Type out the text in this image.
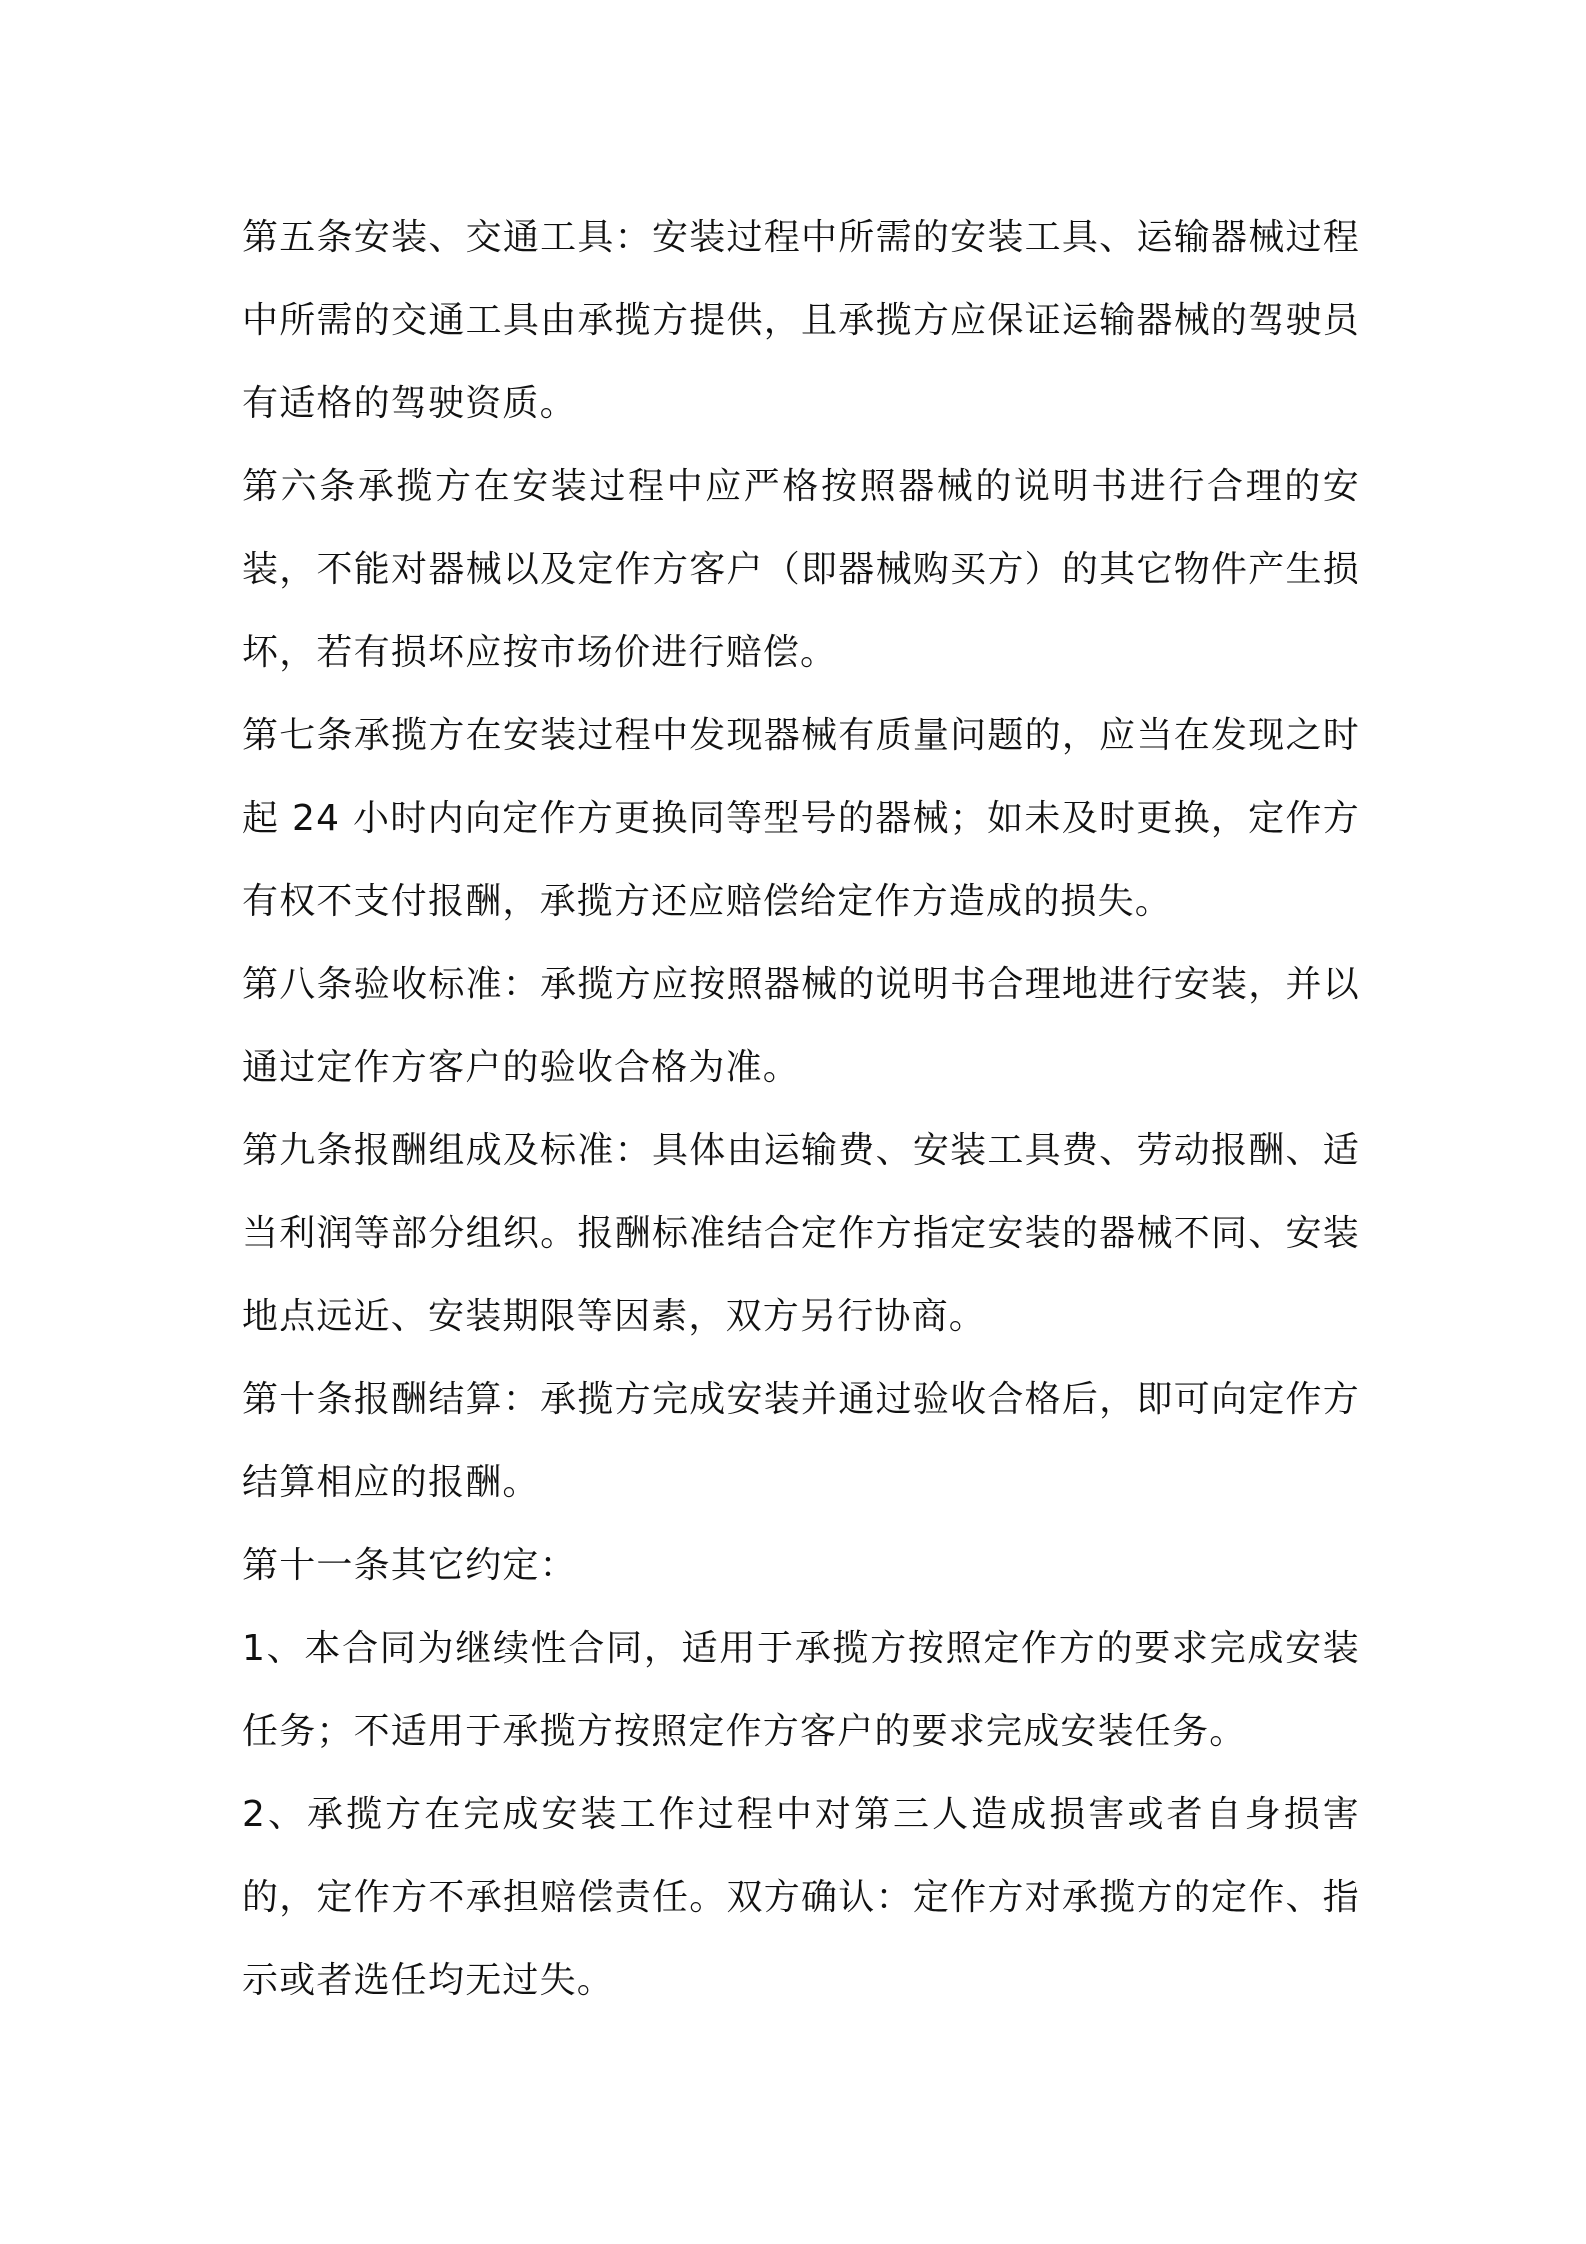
第五条安装、交通工具：安装过程中所需的安装工具、运输器械过程中所需的交通工具由承揽方提供，且承揽方应保证运输器械的驾驶员有适格的驾驶资质。

第六条承揽方在安装过程中应严格按照器械的说明书进行合理的安装，不能对器械以及定作方客户（即器械购买方）的其它物件产生损坏，若有损坏应按市场价进行赔偿。

第七条承揽方在安装过程中发现器械有质量问题的，应当在发现之时起 24 小时内向定作方更换同等型号的器械；如未及时更换，定作方有权不支付报酬，承揽方还应赔偿给定作方造成的损失。

第八条验收标准：承揽方应按照器械的说明书合理地进行安装，并以通过定作方客户的验收合格为准。

第九条报酬组成及标准：具体由运输费、安装工具费、劳动报酬、适当利润等部分组织。报酬标准结合定作方指定安装的器械不同、安装地点远近、安装期限等因素，双方另行协商。

第十条报酬结算：承揽方完成安装并通过验收合格后，即可向定作方结算相应的报酬。

第十一条其它约定：

1、本合同为继续性合同，适用于承揽方按照定作方的要求完成安装任务；不适用于承揽方按照定作方客户的要求完成安装任务。

2、承揽方在完成安装工作过程中对第三人造成损害或者自身损害的，定作方不承担赔偿责任。双方确认：定作方对承揽方的定作、指示或者选任均无过失。
